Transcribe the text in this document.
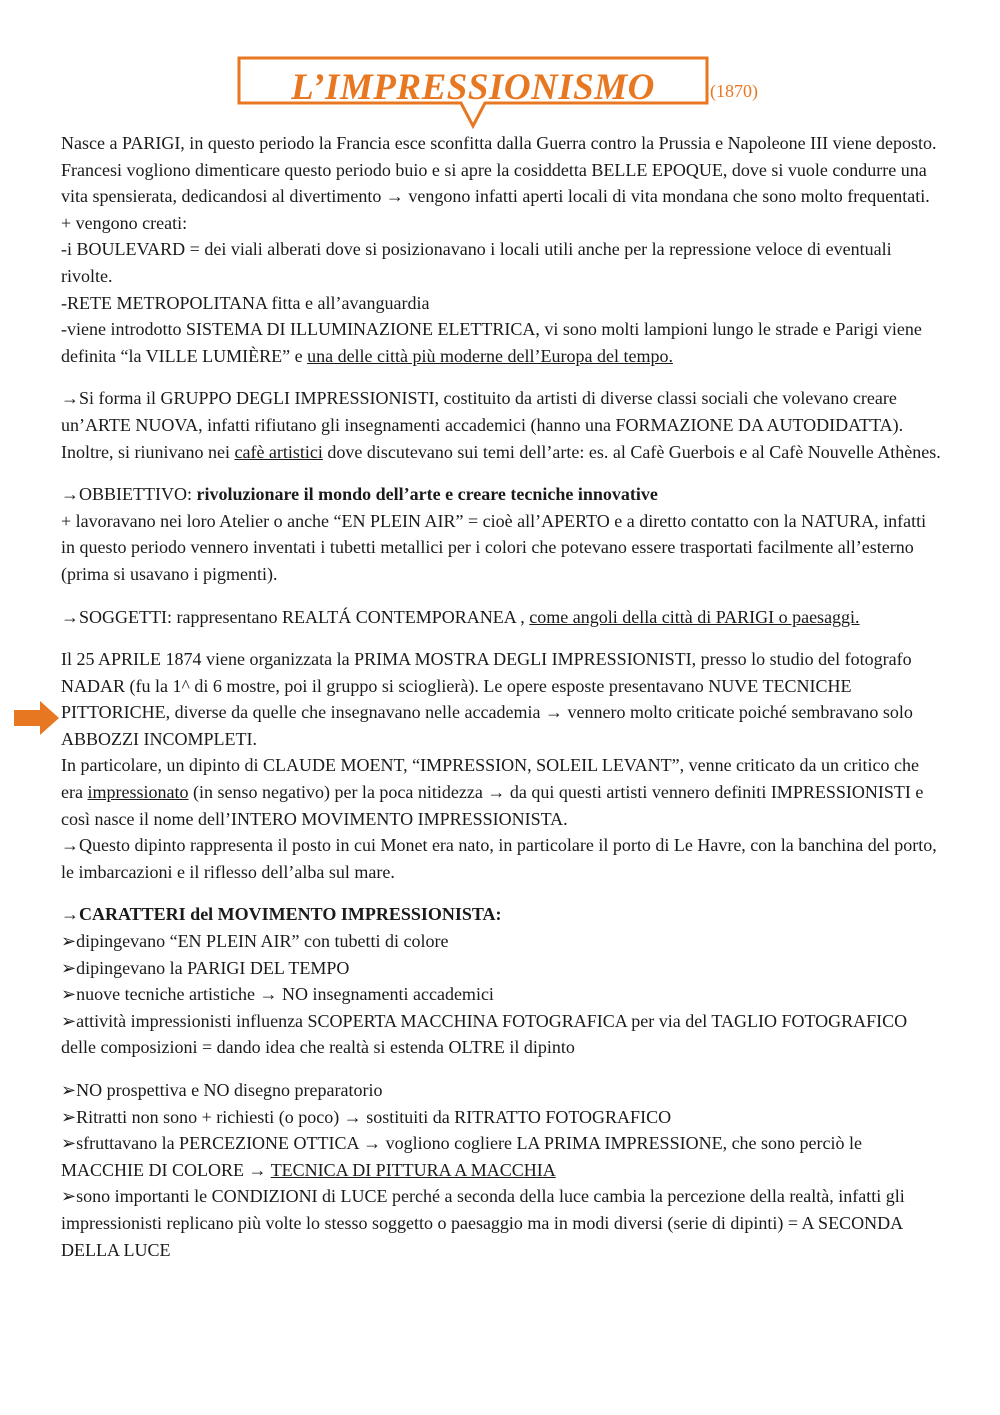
L’IMPRESSIONISMO	(1870)

Nasce a PARIGI, in questo periodo la Francia esce sconfitta dalla Guerra contro la Prussia e Napoleone III viene deposto. Francesi vogliono dimenticare questo periodo buio e si apre la cosiddetta BELLE EPOQUE, dove si vuole condurre una vita spensierata, dedicandosi al divertimento → vengono infatti aperti locali di vita mondana che sono molto frequentati. + vengono creati:

-i BOULEVARD = dei viali alberati dove si posizionavano i locali utili anche per la repressione veloce di eventuali rivolte.

-RETE METROPOLITANA fitta e all’avanguardia

-viene introdotto SISTEMA DI ILLUMINAZIONE ELETTRICA, vi sono molti lampioni lungo le strade e Parigi viene definita “la VILLE LUMIÈRE” e una delle città più moderne dell’Europa del tempo.

→Si forma il GRUPPO DEGLI IMPRESSIONISTI, costituito da artisti di diverse classi sociali che volevano creare un’ARTE NUOVA, infatti rifiutano gli insegnamenti accademici (hanno una FORMAZIONE DA AUTODIDATTA). Inoltre, si riunivano nei cafè artistici dove discutevano sui temi dell’arte: es. al Cafè Guerbois e al Cafè Nouvelle Athènes.

→OBBIETTIVO: rivoluzionare il mondo dell’arte e creare tecniche innovative

+ lavoravano nei loro Atelier o anche “EN PLEIN AIR” = cioè all’APERTO e a diretto contatto con la NATURA, infatti in questo periodo vennero inventati i tubetti metallici per i colori che potevano essere trasportati facilmente all’esterno (prima si usavano i pigmenti).

→SOGGETTI: rappresentano REALTÁ CONTEMPORANEA , come angoli della città di PARIGI o paesaggi.

Il 25 APRILE 1874 viene organizzata la PRIMA MOSTRA DEGLI IMPRESSIONISTI, presso lo studio del fotografo NADAR (fu la 1^ di 6 mostre, poi il gruppo si scioglierà). Le opere esposte presentavano NUVE TECNICHE PITTORICHE, diverse da quelle che insegnavano nelle accademia → vennero molto criticate poiché sembravano solo ABBOZZI INCOMPLETI.

In particolare, un dipinto di CLAUDE MOENT, “IMPRESSION, SOLEIL LEVANT”, venne criticato da un critico che era impressionato (in senso negativo) per la poca nitidezza → da qui questi artisti vennero definiti IMPRESSIONISTI e così nasce il nome dell’INTERO MOVIMENTO IMPRESSIONISTA.

→Questo dipinto rappresenta il posto in cui Monet era nato, in particolare il porto di Le Havre, con la banchina del porto, le imbarcazioni e il riflesso dell’alba sul mare.

→CARATTERI del MOVIMENTO IMPRESSIONISTA:

➢dipingevano “EN PLEIN AIR” con tubetti di colore

➢dipingevano la PARIGI DEL TEMPO

➢nuove tecniche artistiche → NO insegnamenti accademici

➢attività impressionisti influenza SCOPERTA MACCHINA FOTOGRAFICA per via del TAGLIO FOTOGRAFICO delle composizioni = dando idea che realtà si estenda OLTRE il dipinto

➢NO prospettiva e NO disegno preparatorio

➢Ritratti non sono + richiesti (o poco) → sostituiti da RITRATTO FOTOGRAFICO

➢sfruttavano la PERCEZIONE OTTICA → vogliono cogliere LA PRIMA IMPRESSIONE, che sono perciò le MACCHIE DI COLORE → TECNICA DI PITTURA A MACCHIA

➢sono importanti le CONDIZIONI di LUCE perché a seconda della luce cambia la percezione della realtà, infatti gli impressionisti replicano più volte lo stesso soggetto o paesaggio ma in modi diversi (serie di dipinti) = A SECONDA DELLA LUCE
